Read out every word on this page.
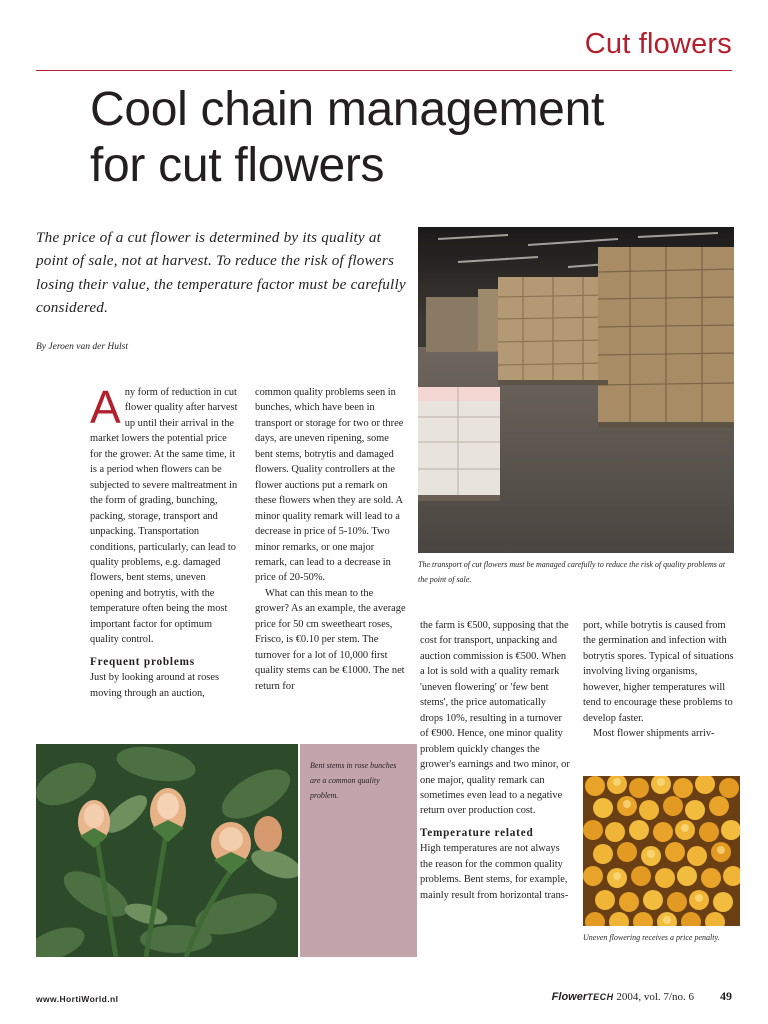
Cut flowers
Cool chain management
for cut flowers
The price of a cut flower is determined by its quality at point of sale, not at harvest. To reduce the risk of flowers losing their value, the temperature factor must be carefully considered.
By Jeroen van der Hulst
The transport of cut flowers must be managed carefully to reduce the risk of quality problems at the point of sale.

Any form of reduction in cut flower quality after harvest up until their arrival in the market lowers the potential price for the grower. At the same time, it is a period when flowers can be subjected to severe maltreatment in the form of grading, bunching, packing, storage, transport and unpacking. Transportation conditions, particularly, can lead to quality problems, e.g. damaged flowers, bent stems, uneven opening and botrytis, with the temperature often being the most important factor for optimum quality control.

Frequent problems

Just by looking around at roses moving through an auction,

common quality problems seen in bunches, which have been in transport or storage for two or three days, are uneven ripening, some bent stems, botrytis and damaged flowers. Quality controllers at the flower auctions put a remark on these flowers when they are sold. A minor quality remark will lead to a decrease in price of 5-10%. Two minor remarks, or one major remark, can lead to a decrease in price of 20-50%.

What can this mean to the grower? As an example, the average price for 50 cm sweetheart roses, Frisco, is €0.10 per stem. The turnover for a lot of 10,000 first quality stems can be €1000. The net return for

the farm is €500, supposing that the cost for transport, unpacking and auction commission is €500. When a lot is sold with a quality remark 'uneven flowering' or 'few bent stems', the price automatically drops 10%, resulting in a turnover of €900. Hence, one minor quality problem quickly changes the grower's earnings and two minor, or one major, quality remark can sometimes even lead to a negative return over production cost.

Temperature related

High temperatures are not always the reason for the common quality problems. Bent stems, for example, mainly result from horizontal trans-

port, while botrytis is caused from the germination and infection with botrytis spores. Typical of situations involving living organisms, however, higher temperatures will tend to encourage these problems to develop faster.

Most flower shipments arriv-

Bent stems in rose bunches are a common quality problem.
Uneven flowering receives a price penalty.
www.HortiWorld.nl	FlowerTECH 2004, vol. 7/no. 6 49
